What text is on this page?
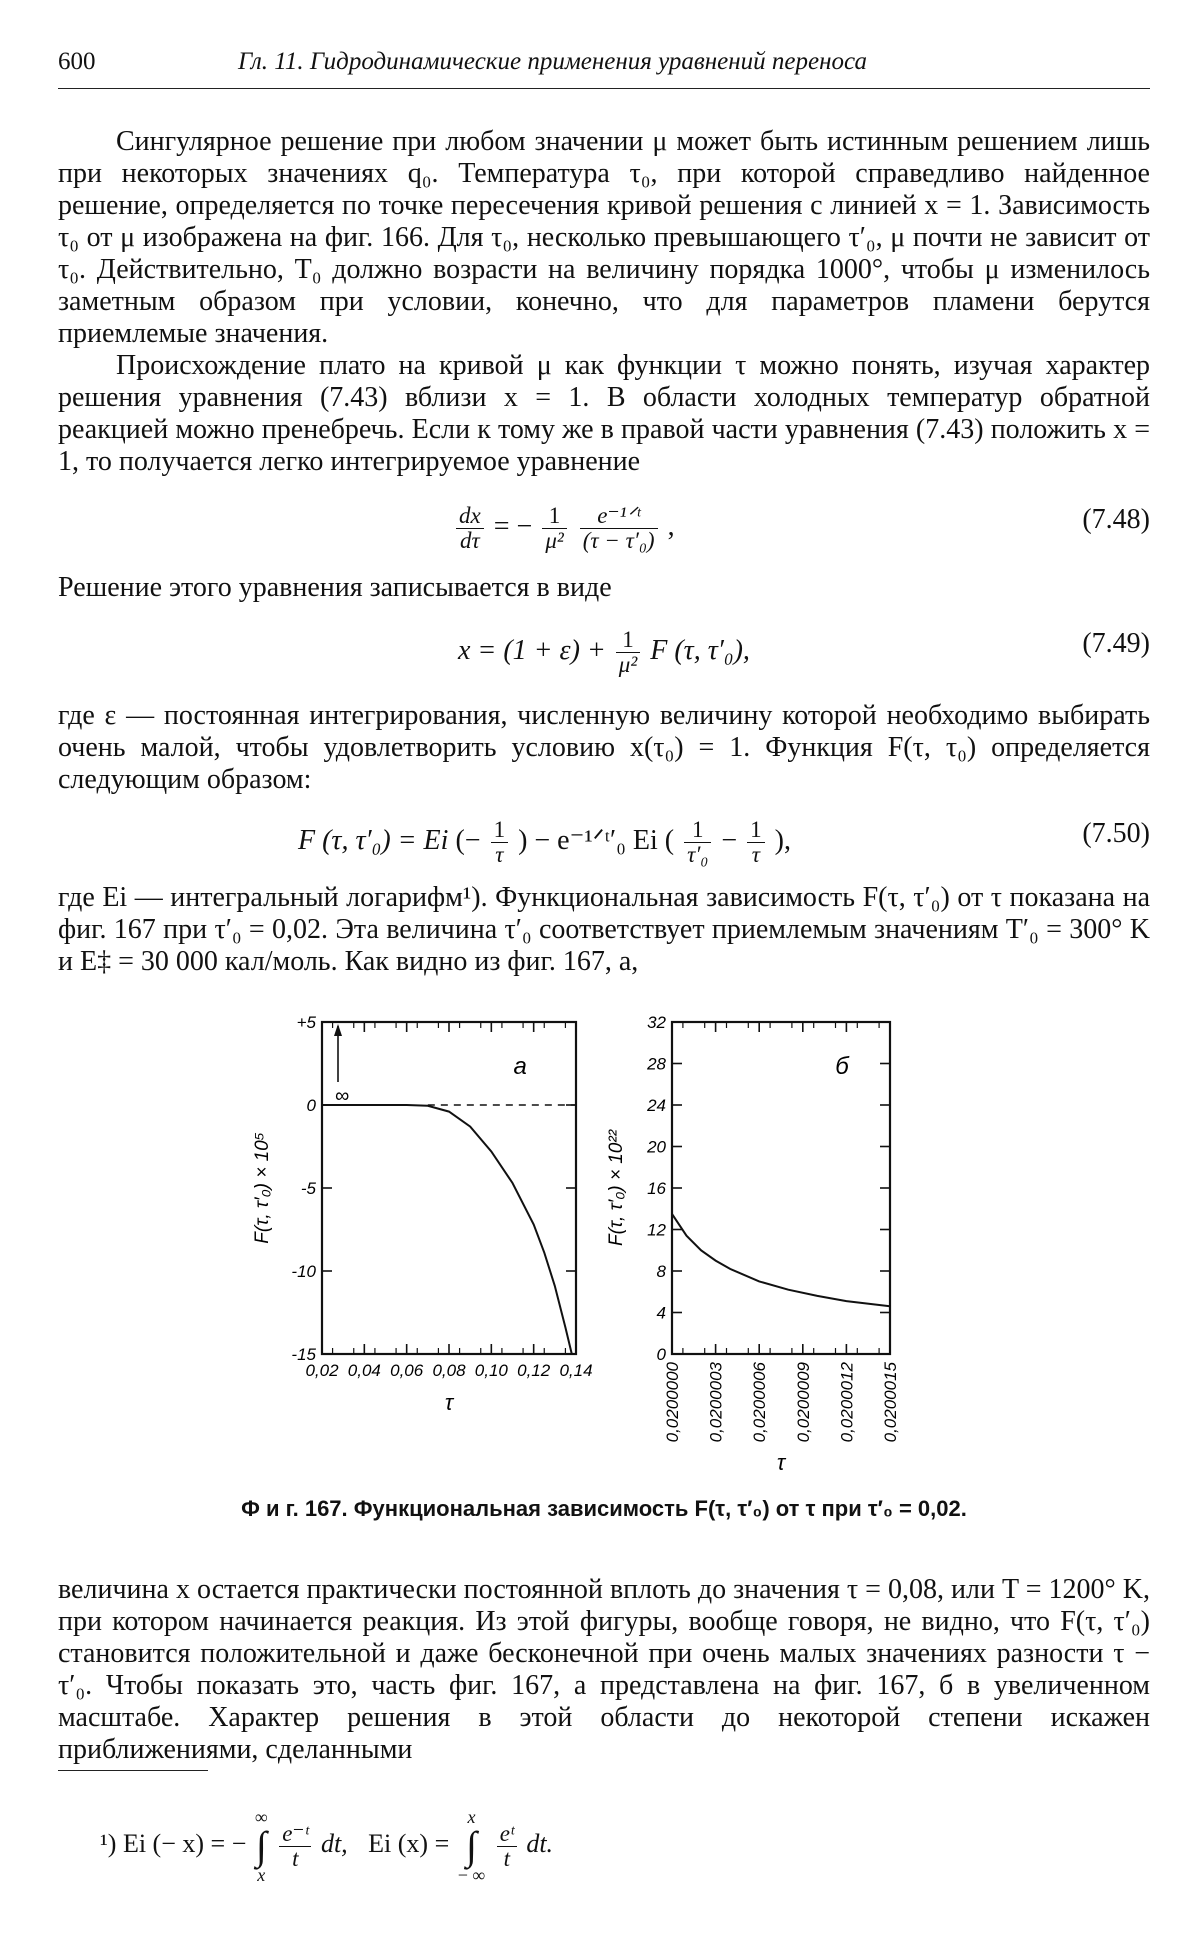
600	Гл. 11. Гидродинамические применения уравнений переноса

Сингулярное решение при любом значении μ может быть истинным решением лишь при некоторых значениях q₀. Температура τ₀, при которой справедливо найденное решение, определяется по точке пересечения кривой решения с линией x = 1. Зависимость τ₀ от μ изображена на фиг. 166. Для τ₀, несколько превышающего τ′₀, μ почти не зависит от τ₀. Действительно, T₀ должно возрасти на величину порядка 1000°, чтобы μ изменилось заметным образом при условии, конечно, что для параметров пламени берутся приемлемые значения.

Происхождение плато на кривой μ как функции τ можно понять, изучая характер решения уравнения (7.43) вблизи x = 1. В области холодных температур обратной реакцией можно пренебречь. Если к тому же в правой части уравнения (7.43) положить x = 1, то получается легко интегрируемое уравнение

$\frac{dx}{d\tau}$ = − $\frac{1}{\text{μ²}}$
$\frac{\text{e⁻¹ᐟᵗ}}{\text{(τ − τ′₀)}}$ ,	(7.48)

Решение этого уравнения записывается в виде

$x = (1 + \varepsilon) + \frac{1}{\text{μ²}}$ F (τ, τ′₀),	(7.49)

где ε — постоянная интегрирования, численную величину которой необходимо выбирать очень малой, чтобы удовлетворить условию x(τ₀) = 1. Функция F(τ, τ₀) определяется следующим образом:

F (τ, τ′₀) = Ei (− $\frac{1}{\tau}$ ) − e⁻¹ᐟᵗ′₀ Ei ( $\frac{1}{\text{τ′₀}} - \frac{1}{\tau}$ ),	(7.50)

где Ei — интегральный логарифм¹). Функциональная зависимость F(τ, τ′₀) от τ показана на фиг. 167 при τ′₀ = 0,02. Эта величина τ′₀ соответствует приемлемым значениям T′₀ = 300° K и E‡ = 30 000 кал/моль. Как видно из фиг. 167, а,

0,02 0,04 0,06 0,08 0,10 0,12 0,14
+5
0
-5
-10
-15
F(τ, τ′₀) × 10⁵
τ
а
∞
0,0200000 0,0200003 0,0200006 0,0200009 0,0200012 0,0200015
32
28
24
20
16
12
8
4
0
F(τ, τ′₀) × 10²²
τ
б
Ф и г. 167. Функциональная зависимость F(τ, τ′₀) от τ при τ′₀ = 0,02.

величина x остается практически постоянной вплоть до значения τ = 0,08, или T = 1200° K, при котором начинается реакция. Из этой фигуры, вообще говоря, не видно, что F(τ, τ′₀) становится положительной и даже бесконечной при очень малых значениях разности τ − τ′₀. Чтобы показать это, часть фиг. 167, а представлена на фиг. 167, б в увеличенном масштабе. Характер решения в этой области до некоторой степени искажен приближениями, сделанными

¹) Ei (− x) = −
∞
∫
x

$\frac{\text{e⁻ᵗ}}{t}$ dt, Ei (x) =
x
∫
− ∞

$\frac{\text{eᵗ}}{t}$ dt.
